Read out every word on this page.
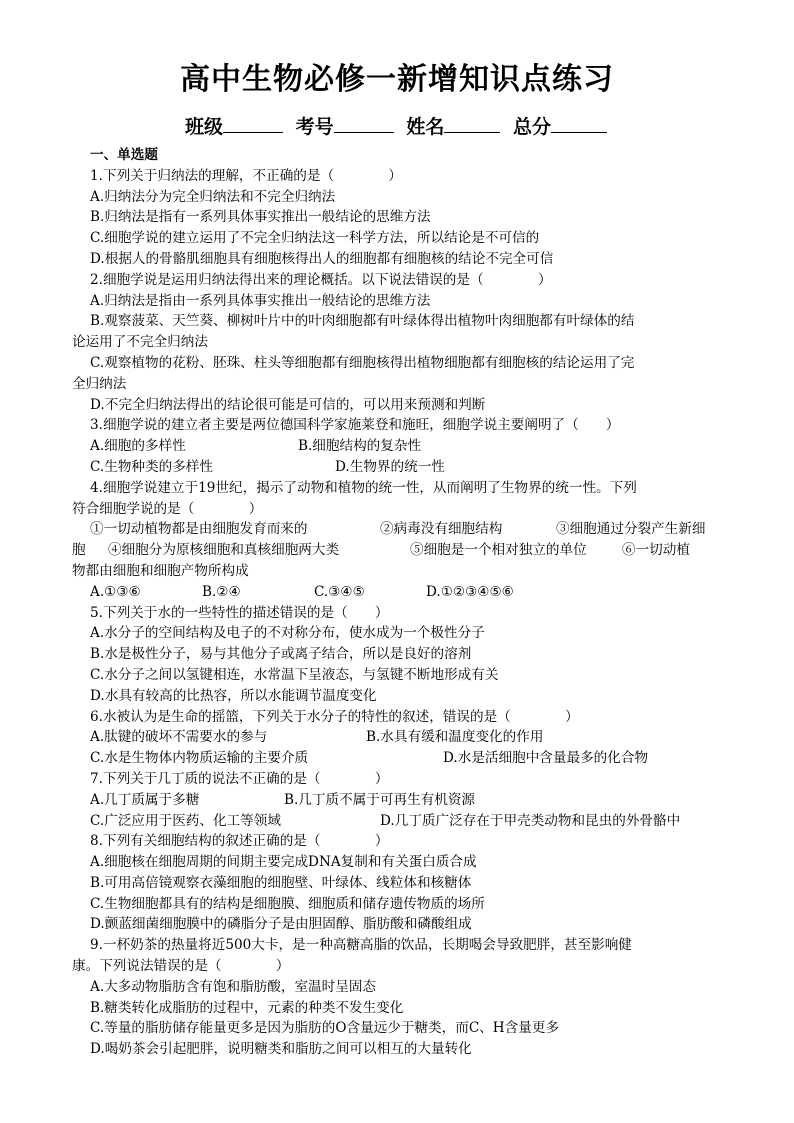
高中生物必修一新增知识点练习
班级	考号	姓名	总分
一、单选题
1.下列关于归纳法的理解，不正确的是（　　　　）
A.归纳法分为完全归纳法和不完全归纳法
B.归纳法是指有一系列具体事实推出一般结论的思维方法
C.细胞学说的建立运用了不完全归纳法这一科学方法，所以结论是不可信的
D.根据人的骨骼肌细胞具有细胞核得出人的细胞都有细胞核的结论不完全可信
2.细胞学说是运用归纳法得出来的理论概括。以下说法错误的是（　　　　）
A.归纳法是指由一系列具体事实推出一般结论的思维方法
B.观察菠菜、天竺葵、柳树叶片中的叶肉细胞都有叶绿体得出植物叶肉细胞都有叶绿体的结
论运用了不完全归纳法
C.观察植物的花粉、胚珠、柱头等细胞都有细胞核得出植物细胞都有细胞核的结论运用了完
全归纳法
D.不完全归纳法得出的结论很可能是可信的，可以用来预测和判断
3.细胞学说的建立者主要是两位德国科学家施莱登和施旺，细胞学说主要阐明了（　　）
A.细胞的多样性	B.细胞结构的复杂性
C.生物种类的多样性	D.生物界的统一性
4.细胞学说建立于19世纪，揭示了动物和植物的统一性，从而阐明了生物界的统一性。下列
符合细胞学说的是（　　　　）
①一切动植物都是由细胞发育而来的	②病毒没有细胞结构	③细胞通过分裂产生新细
胞 ④细胞分为原核细胞和真核细胞两大类	⑤细胞是一个相对独立的单位	⑥一切动植
物都由细胞和细胞产物所构成
A.①③⑥	B.②④	C.③④⑤	D.①②③④⑤⑥
5.下列关于水的一些特性的描述错误的是（　　）
A.水分子的空间结构及电子的不对称分布，使水成为一个极性分子
B.水是极性分子，易与其他分子或离子结合，所以是良好的溶剂
C.水分子之间以氢键相连，水常温下呈液态，与氢键不断地形成有关
D.水具有较高的比热容，所以水能调节温度变化
6.水被认为是生命的摇篮，下列关于水分子的特性的叙述，错误的是（　　　　）
A.肽键的破坏不需要水的参与	B.水具有缓和温度变化的作用
C.水是生物体内物质运输的主要介质	D.水是活细胞中含量最多的化合物
7.下列关于几丁质的说法不正确的是（　　　　）
A.几丁质属于多糖	B.几丁质不属于可再生有机资源
C.广泛应用于医药、化工等领域	D.几丁质广泛存在于甲壳类动物和昆虫的外骨骼中
8.下列有关细胞结构的叙述正确的是（　　　　）
A.细胞核在细胞周期的间期主要完成DNA复制和有关蛋白质合成
B.可用高倍镜观察衣藻细胞的细胞壁、叶绿体、线粒体和核糖体
C.生物细胞都具有的结构是细胞膜、细胞质和储存遗传物质的场所
D.颤蓝细菌细胞膜中的磷脂分子是由胆固醇、脂肪酸和磷酸组成
9.一杯奶茶的热量将近500大卡，是一种高糖高脂的饮品，长期喝会导致肥胖，甚至影响健
康。下列说法错误的是（　　　　）
A.大多动物脂肪含有饱和脂肪酸，室温时呈固态
B.糖类转化成脂肪的过程中，元素的种类不发生变化
C.等量的脂肪储存能量更多是因为脂肪的O含量远少于糖类，而C、H含量更多
D.喝奶茶会引起肥胖，说明糖类和脂肪之间可以相互的大量转化
